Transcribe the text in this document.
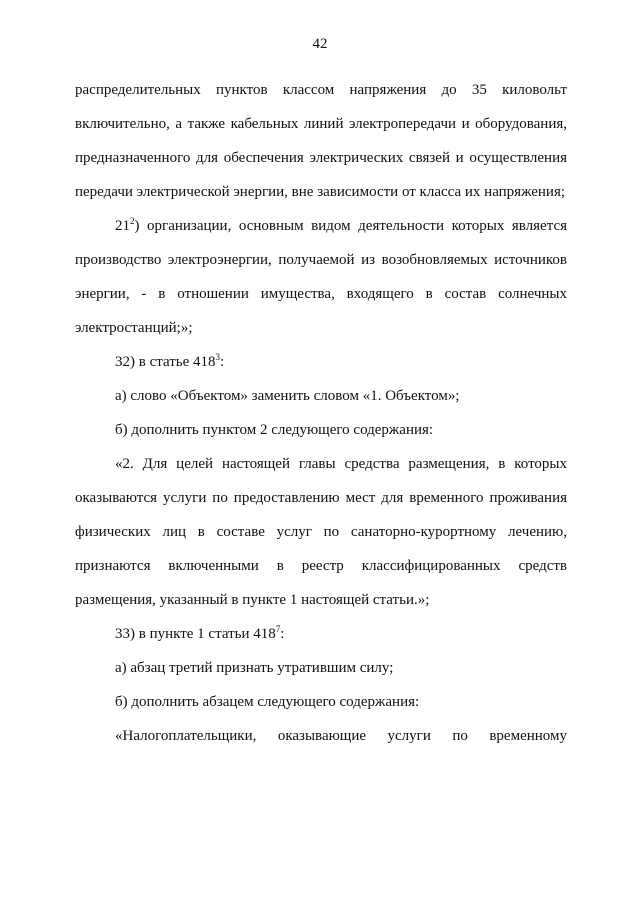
42

распределительных пунктов классом напряжения до 35 киловольт включительно, а также кабельных линий электропередачи и оборудования, предназначенного для обеспечения электрических связей и осуществления передачи электрической энергии, вне зависимости от класса их напряжения;

$21^2$) организации, основным видом деятельности которых является производство электроэнергии, получаемой из возобновляемых источников энергии, - в отношении имущества, входящего в состав солнечных электростанций;»;

32) в статье $418^3$:

а) слово «Объектом» заменить словом «1. Объектом»;

б) дополнить пунктом 2 следующего содержания:

«2. Для целей настоящей главы средства размещения, в которых оказываются услуги по предоставлению мест для временного проживания физических лиц в составе услуг по санаторно-курортному лечению, признаются включенными в реестр классифицированных средств размещения, указанный в пункте 1 настоящей статьи.»;

33) в пункте 1 статьи $418^7$:

а) абзац третий признать утратившим силу;

б) дополнить абзацем следующего содержания:

«Налогоплательщики, оказывающие услуги по временному
